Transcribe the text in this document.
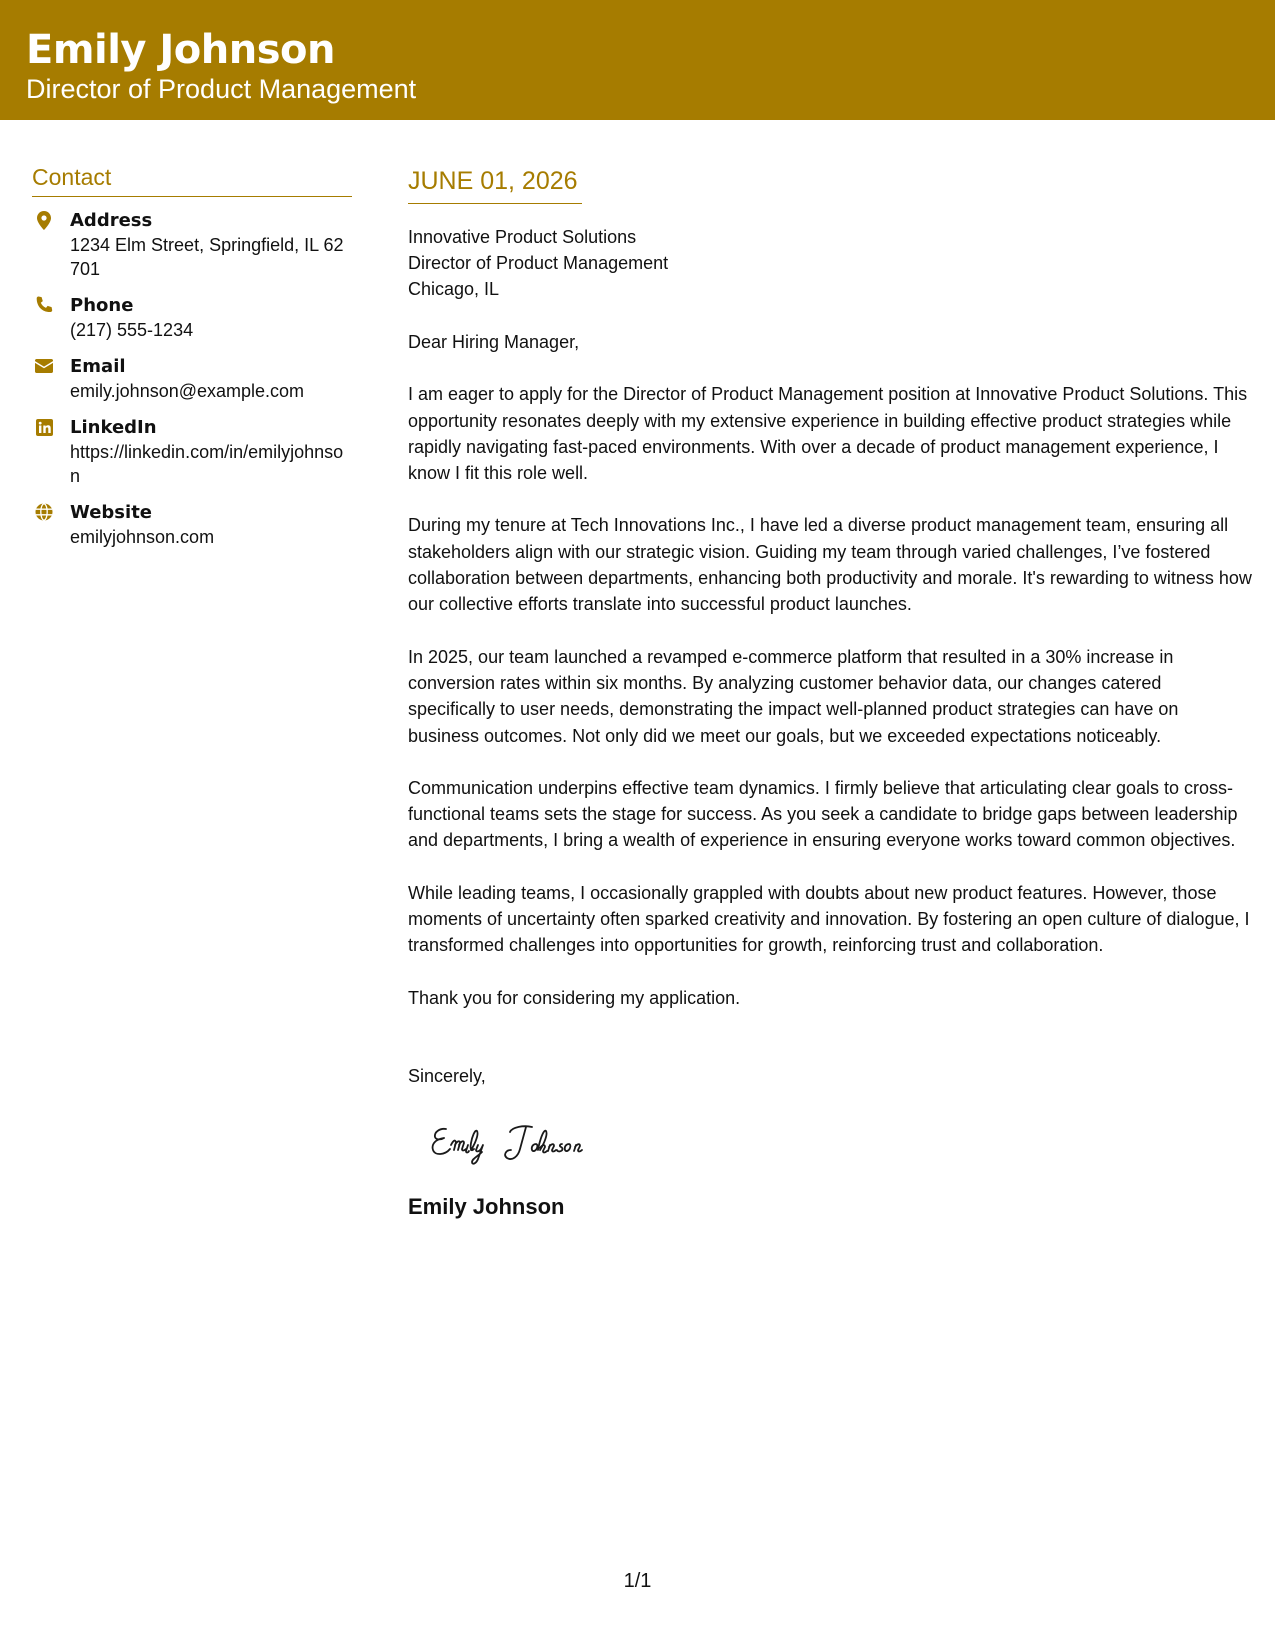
Emily Johnson
Director of Product Management
Contact
Address
1234 Elm Street, Springfield, IL 62701
Phone
(217) 555-1234
Email
emily.johnson@example.com
LinkedIn
https://linkedin.com/in/emilyjohnson
Website
emilyjohnson.com
JUNE 01, 2026
Innovative Product Solutions
Director of Product Management
Chicago, IL
Dear Hiring Manager,

I am eager to apply for the Director of Product Management position at Innovative Product Solutions. This opportunity resonates deeply with my extensive experience in building effective product strategies while rapidly navigating fast-paced environments. With over a decade of product management experience, I know I fit this role well.

During my tenure at Tech Innovations Inc., I have led a diverse product management team, ensuring all stakeholders align with our strategic vision. Guiding my team through varied challenges, I’ve fostered collaboration between departments, enhancing both productivity and morale. It's rewarding to witness how our collective efforts translate into successful product launches.

In 2025, our team launched a revamped e-commerce platform that resulted in a 30% increase in conversion rates within six months. By analyzing customer behavior data, our changes catered specifically to user needs, demonstrating the impact well-planned product strategies can have on business outcomes. Not only did we meet our goals, but we exceeded expectations noticeably.

Communication underpins effective team dynamics. I firmly believe that articulating clear goals to cross-functional teams sets the stage for success. As you seek a candidate to bridge gaps between leadership and departments, I bring a wealth of experience in ensuring everyone works toward common objectives.

While leading teams, I occasionally grappled with doubts about new product features. However, those moments of uncertainty often sparked creativity and innovation. By fostering an open culture of dialogue, I transformed challenges into opportunities for growth, reinforcing trust and collaboration.

Thank you for considering my application.

Sincerely,
Emily Johnson
1/1
